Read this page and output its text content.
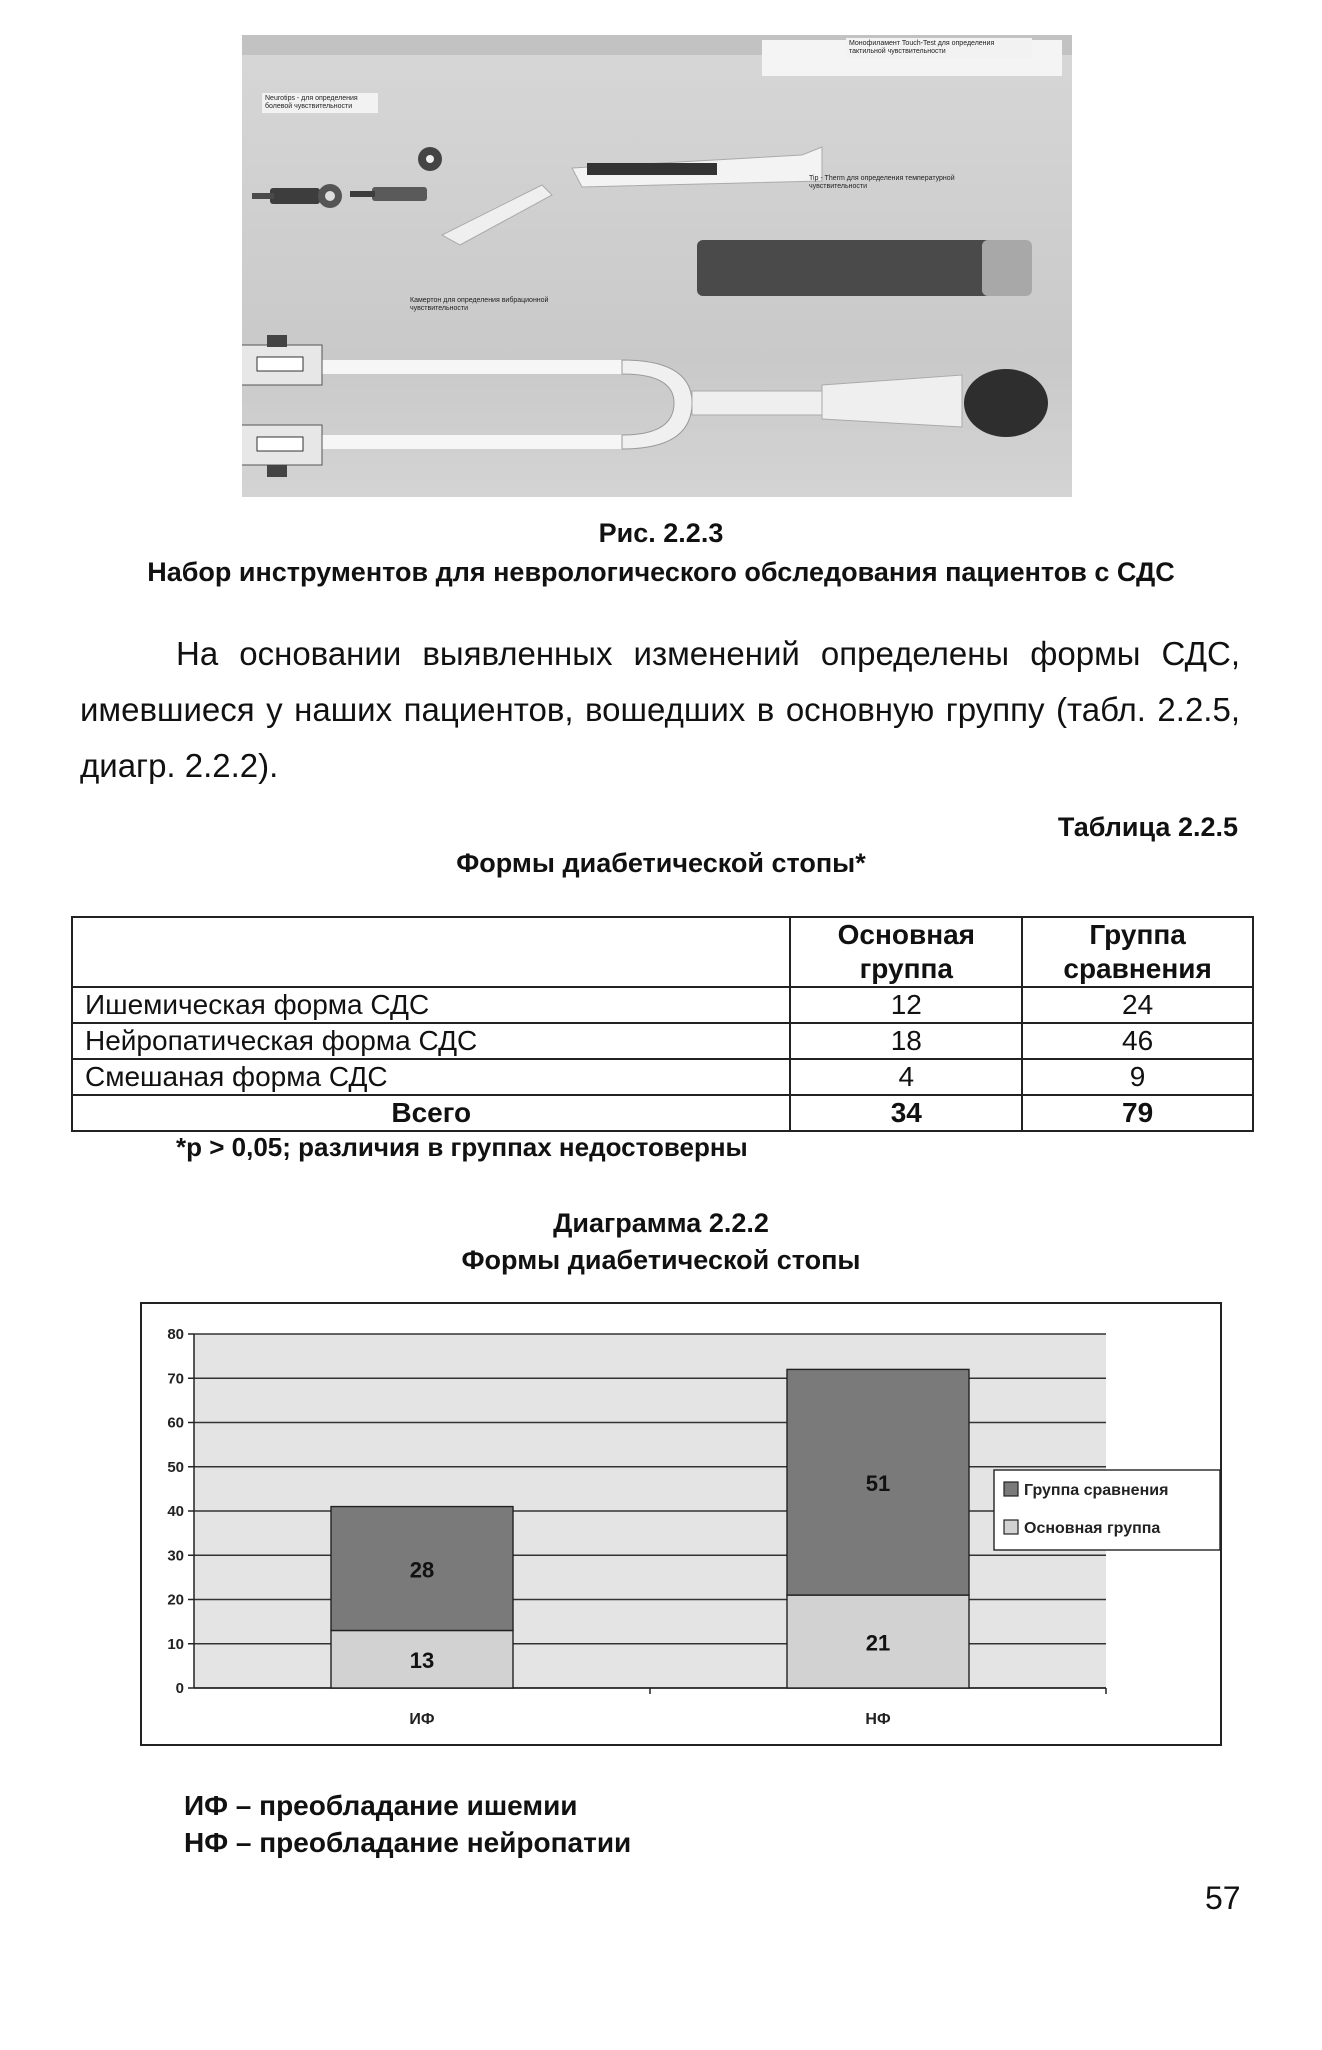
Монофиламент Touch-Test для определения тактильной чувствительности
Neurotips - для определения болевой чувствительности
Tip - Therm для определения температурной чувствительности
Камертон для определения вибрационной чувствительности
Рис. 2.2.3
Набор инструментов для неврологического обследования пациентов с СДС
На основании выявленных изменений определены формы СДС, имевшиеся у наших пациентов, вошедших в основную группу (табл. 2.2.5, диагр. 2.2.2).
Таблица 2.2.5
Формы диабетической стопы*
	Основная группа	Группа сравнения
Ишемическая форма СДС	12	24
Нейропатическая форма СДС	18	46
Смешаная форма СДС	4	9
Всего	34	79
*p > 0,05; различия в группах недостоверны
Диаграмма 2.2.2
Формы диабетической стопы
0
10
20
30
40
50
60
70
80
13
28
ИФ
21
51
НФ
Группа сравнения
Основная группа
ИФ – преобладание ишемии
НФ – преобладание нейропатии
57
